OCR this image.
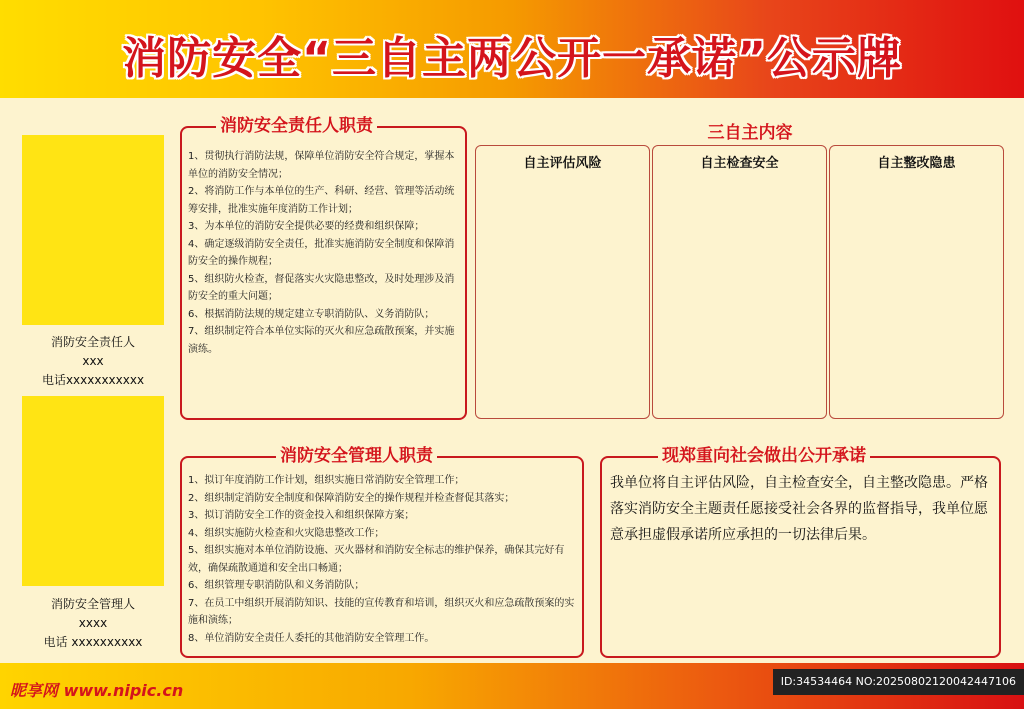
消防安全“三自主两公开一承诺”公示牌
消防安全责任人
xxx
电话xxxxxxxxxxx
消防安全管理人
xxxx
电话 xxxxxxxxxx
消防安全责任人职责
1、贯彻执行消防法规，保障单位消防安全符合规定，掌握本单位的消防安全情况；
2、将消防工作与本单位的生产、科研、经营、管理等活动统筹安排，批准实施年度消防工作计划；
3、为本单位的消防安全提供必要的经费和组织保障；
4、确定逐级消防安全责任，批准实施消防安全制度和保障消防安全的操作规程；
5、组织防火检查，督促落实火灾隐患整改，及时处理涉及消防安全的重大问题；
6、根据消防法规的规定建立专职消防队、义务消防队；
7、组织制定符合本单位实际的灭火和应急疏散预案，并实施演练。
消防安全管理人职责
1、拟订年度消防工作计划，组织实施日常消防安全管理工作；
2、组织制定消防安全制度和保障消防安全的操作规程并检查督促其落实；
3、拟订消防安全工作的资金投入和组织保障方案；
4、组织实施防火检查和火灾隐患整改工作；
5、组织实施对本单位消防设施、灭火器材和消防安全标志的维护保养，确保其完好有效，确保疏散通道和安全出口畅通；
6、组织管理专职消防队和义务消防队；
7、在员工中组织开展消防知识、技能的宣传教育和培训，组织灭火和应急疏散预案的实施和演练；
8、单位消防安全责任人委托的其他消防安全管理工作。
三自主内容
自主评估风险	自主检查安全	自主整改隐患
现郑重向社会做出公开承诺
我单位将自主评估风险，自主检查安全，自主整改隐患。严格落实消防安全主题责任愿接受社会各界的监督指导，我单位愿意承担虚假承诺所应承担的一切法律后果。
昵享网 www.nipic.cn	ID:34534464 NO:20250802120042447106
